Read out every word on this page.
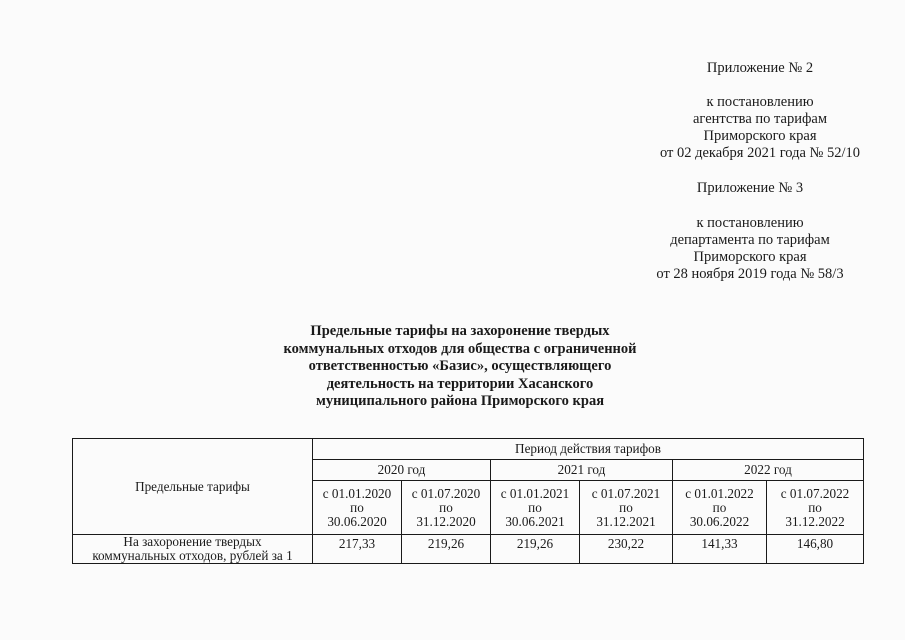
Приложение № 2
к постановлению
агентства по тарифам
Приморского края
от 02 декабря 2021 года № 52/10
Приложение № 3
к постановлению
департамента по тарифам
Приморского края
от 28 ноября 2019 года № 58/3
Предельные тарифы на захоронение твердых
коммунальных отходов для общества с ограниченной
ответственностью «Базис», осуществляющего
деятельность на территории Хасанского
муниципального района Приморского края
Предельные тарифы	Период действия тарифов					
	2020 год		2021 год		2022 год	

	с 01.01.2020
по
30.06.2020	с 01.07.2020
по
31.12.2020	с 01.01.2021
по
30.06.2021	с 01.07.2021
по
31.12.2021	с 01.01.2022
по
30.06.2022	с 01.07.2022
по
31.12.2022

На захоронение твердых
коммунальных отходов, рублей за 1	217,33	219,26	219,26	230,22	141,33	146,80
